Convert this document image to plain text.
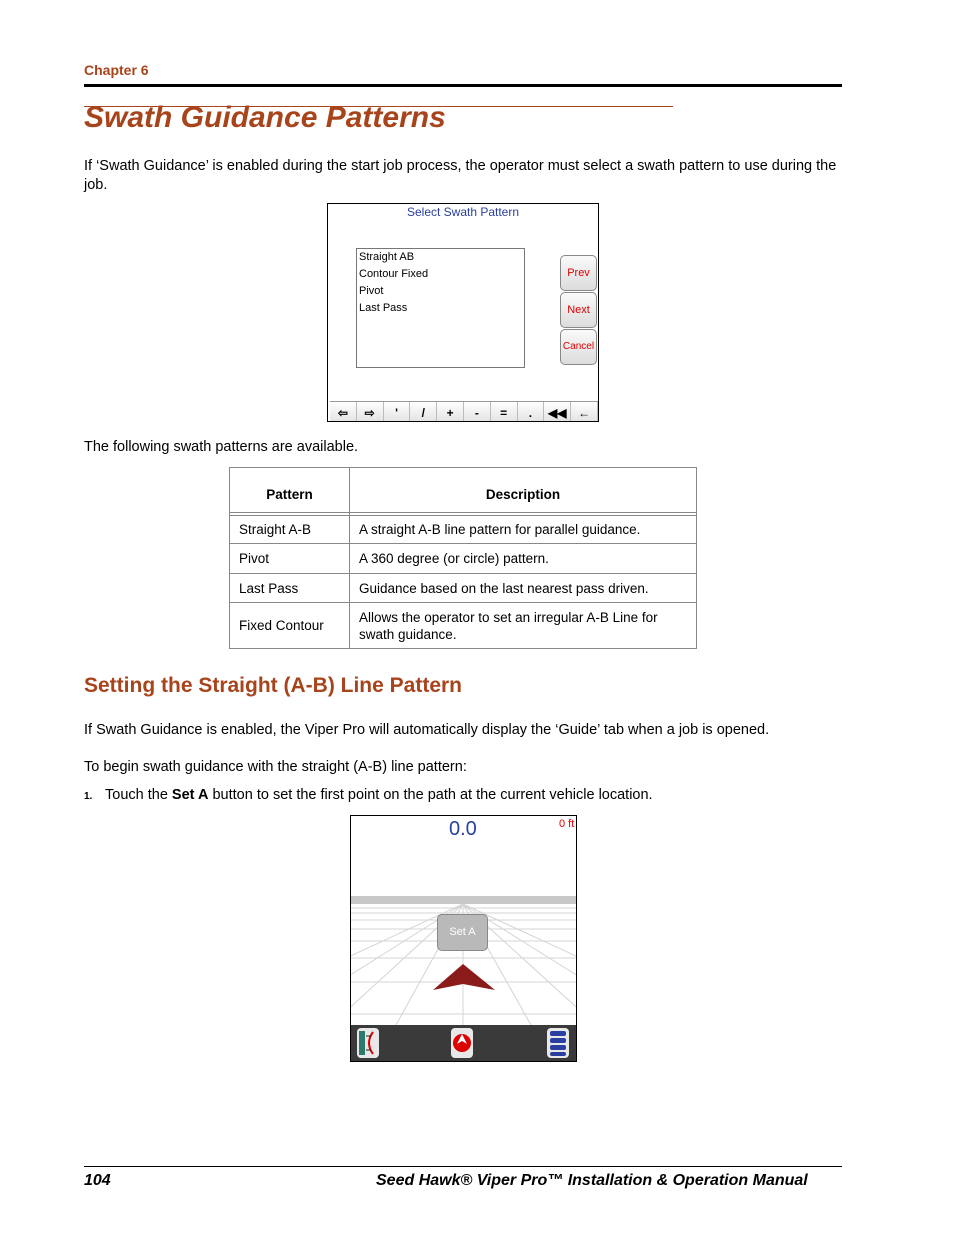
Chapter 6
Swath Guidance Patterns
If ‘Swath Guidance’ is enabled during the start job process, the operator must select a swath pattern to use during the job.
Select Swath Pattern
Straight AB
Contour Fixed
Pivot
Last Pass
Prev
Next
Cancel
⇦	⇨	'	/	+	-	=	.	◀◀ ←
The following swath patterns are available.
Pattern	Description

Straight A-B	A straight A-B line pattern for parallel guidance.
Pivot	A 360 degree (or circle) pattern.
Last Pass	Guidance based on the last nearest pass driven.
Fixed Contour	Allows the operator to set an irregular A-B Line for swath guidance.
Setting the Straight (A-B) Line Pattern
If Swath Guidance is enabled, the Viper Pro will automatically display the ‘Guide’ tab when a job is opened.
To begin swath guidance with the straight (A-B) line pattern:
1. Touch the Set A button to set the first point on the path at the current vehicle location.
0.0	0 ft
Set A
104	Seed Hawk® Viper Pro™ Installation & Operation Manual
